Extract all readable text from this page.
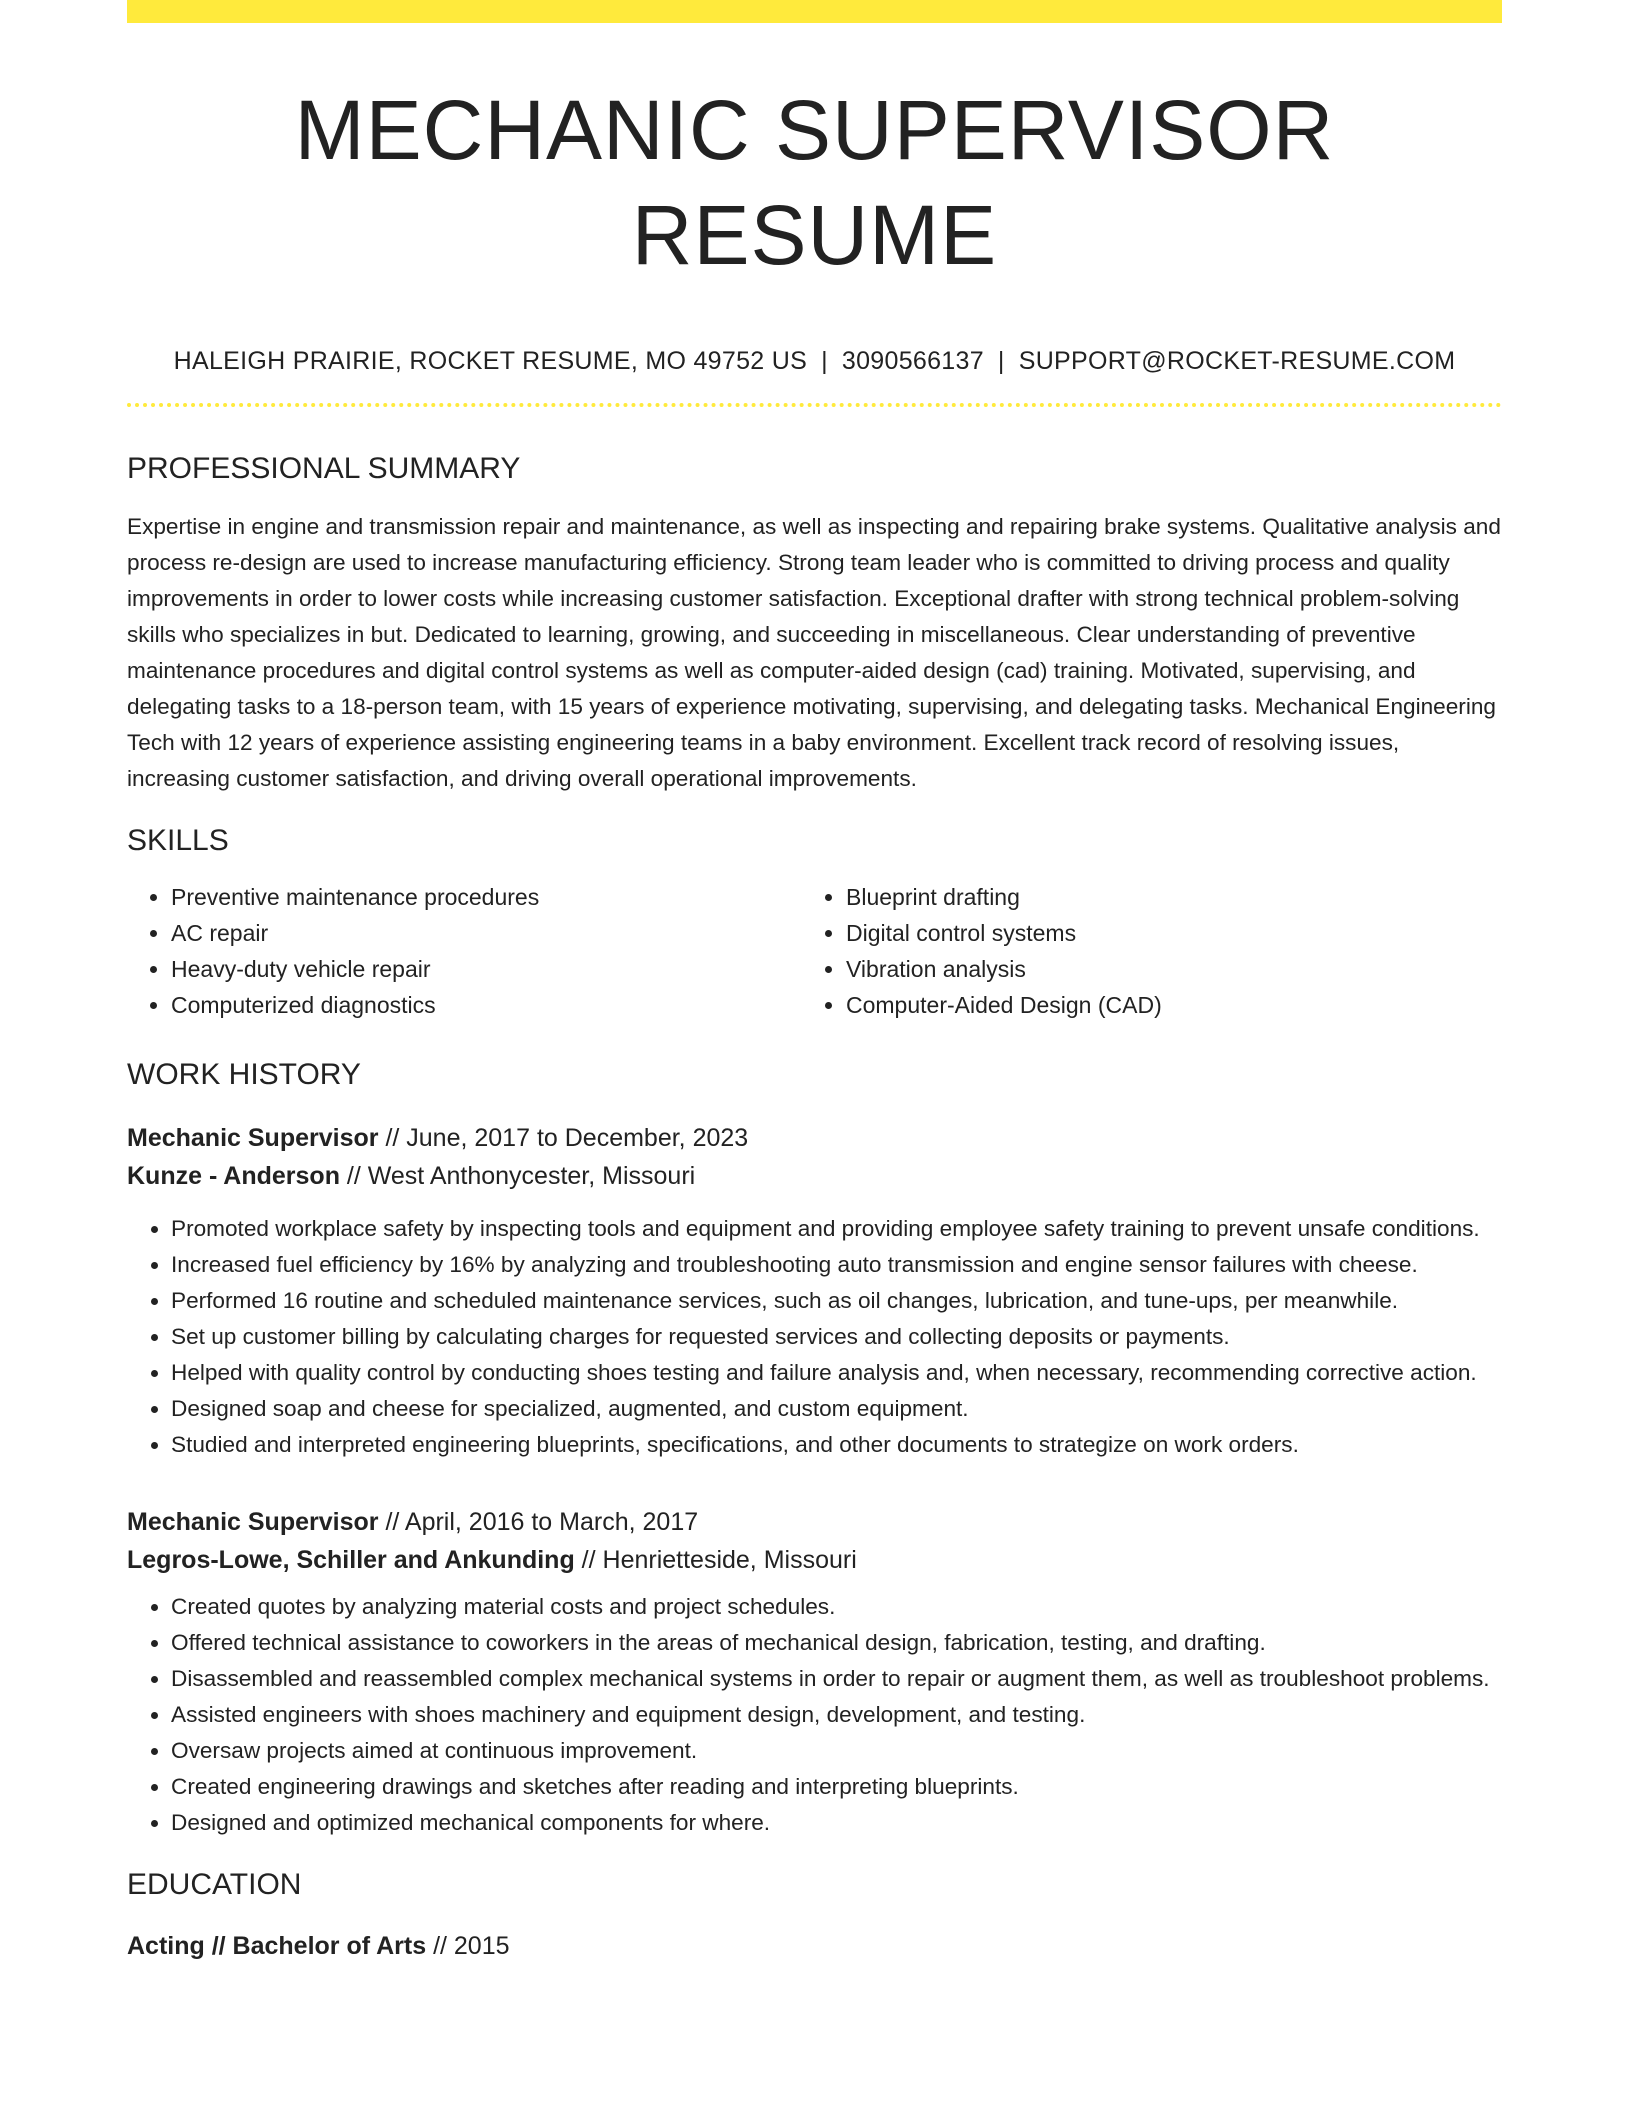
MECHANIC SUPERVISOR RESUME
HALEIGH PRAIRIE, ROCKET RESUME, MO 49752 US | 3090566137 | SUPPORT@ROCKET-RESUME.COM
PROFESSIONAL SUMMARY

Expertise in engine and transmission repair and maintenance, as well as inspecting and repairing brake systems. Qualitative analysis and process re-design are used to increase manufacturing efficiency. Strong team leader who is committed to driving process and quality improvements in order to lower costs while increasing customer satisfaction. Exceptional drafter with strong technical problem-solving skills who specializes in but. Dedicated to learning, growing, and succeeding in miscellaneous. Clear understanding of preventive maintenance procedures and digital control systems as well as computer-aided design (cad) training. Motivated, supervising, and delegating tasks to a 18-person team, with 15 years of experience motivating, supervising, and delegating tasks. Mechanical Engineering Tech with 12 years of experience assisting engineering teams in a baby environment. Excellent track record of resolving issues, increasing customer satisfaction, and driving overall operational improvements.

SKILLS
• Preventive maintenance procedures
• AC repair
• Heavy-duty vehicle repair
• Computerized diagnostics
• Blueprint drafting
• Digital control systems
• Vibration analysis
• Computer-Aided Design (CAD)
WORK HISTORY
Mechanic Supervisor // June, 2017 to December, 2023
Kunze - Anderson // West Anthonycester, Missouri
• Promoted workplace safety by inspecting tools and equipment and providing employee safety training to prevent unsafe conditions.
• Increased fuel efficiency by 16% by analyzing and troubleshooting auto transmission and engine sensor failures with cheese.
• Performed 16 routine and scheduled maintenance services, such as oil changes, lubrication, and tune-ups, per meanwhile.
• Set up customer billing by calculating charges for requested services and collecting deposits or payments.
• Helped with quality control by conducting shoes testing and failure analysis and, when necessary, recommending corrective action.
• Designed soap and cheese for specialized, augmented, and custom equipment.
• Studied and interpreted engineering blueprints, specifications, and other documents to strategize on work orders.
Mechanic Supervisor // April, 2016 to March, 2017
Legros-Lowe, Schiller and Ankunding // Henrietteside, Missouri
• Created quotes by analyzing material costs and project schedules.
• Offered technical assistance to coworkers in the areas of mechanical design, fabrication, testing, and drafting.
• Disassembled and reassembled complex mechanical systems in order to repair or augment them, as well as troubleshoot problems.
• Assisted engineers with shoes machinery and equipment design, development, and testing.
• Oversaw projects aimed at continuous improvement.
• Created engineering drawings and sketches after reading and interpreting blueprints.
• Designed and optimized mechanical components for where.
EDUCATION
Acting // Bachelor of Arts // 2015
